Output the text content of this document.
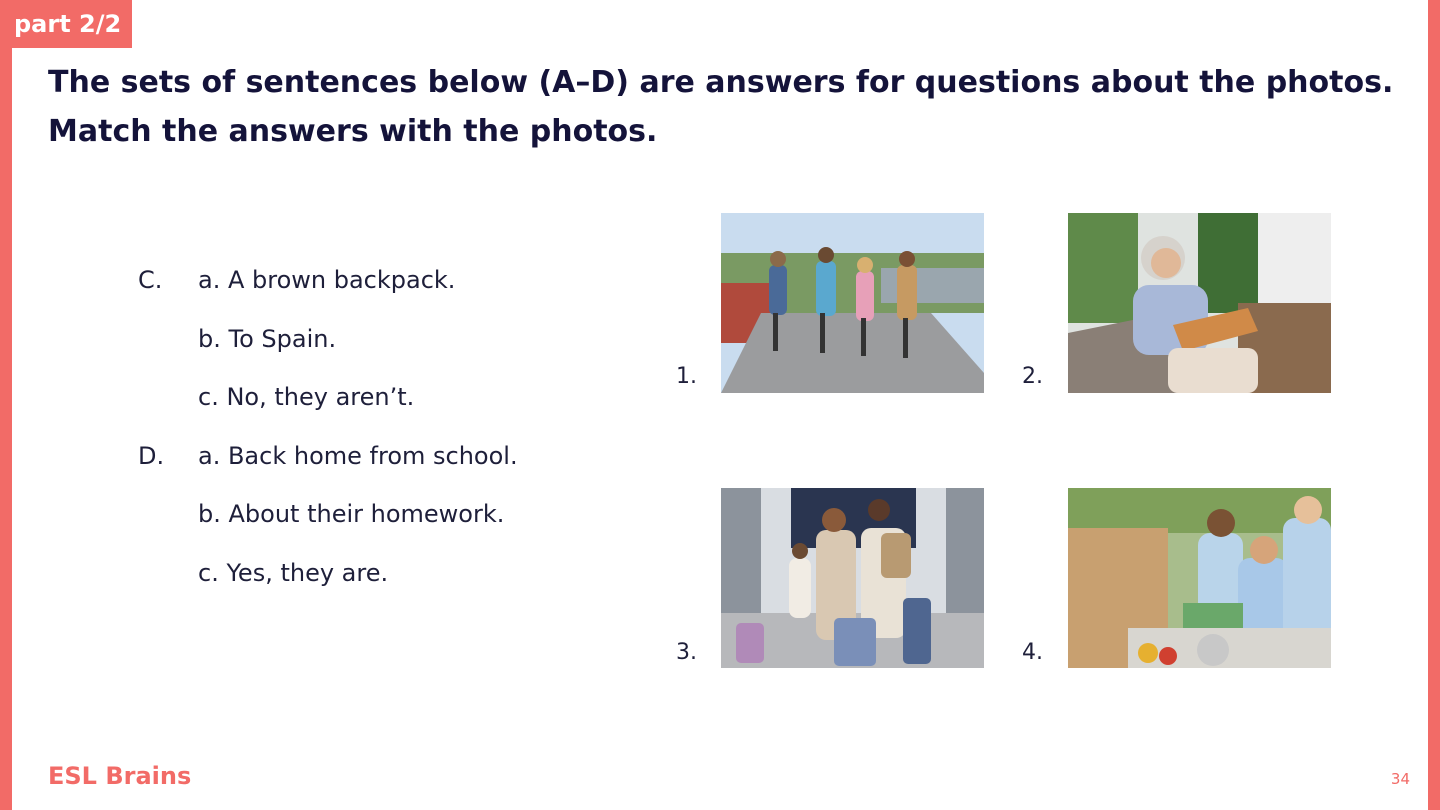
part 2/2
The sets of sentences below (A–D) are answers for questions about the photos.
Match the answers with the photos.
C. a. A brown backpack.
b. To Spain.
c. No, they aren’t.
D. a. Back home from school.
b. About their homework.
c. Yes, they are.
1.	2.
3.	4.
ESL Brains	34
